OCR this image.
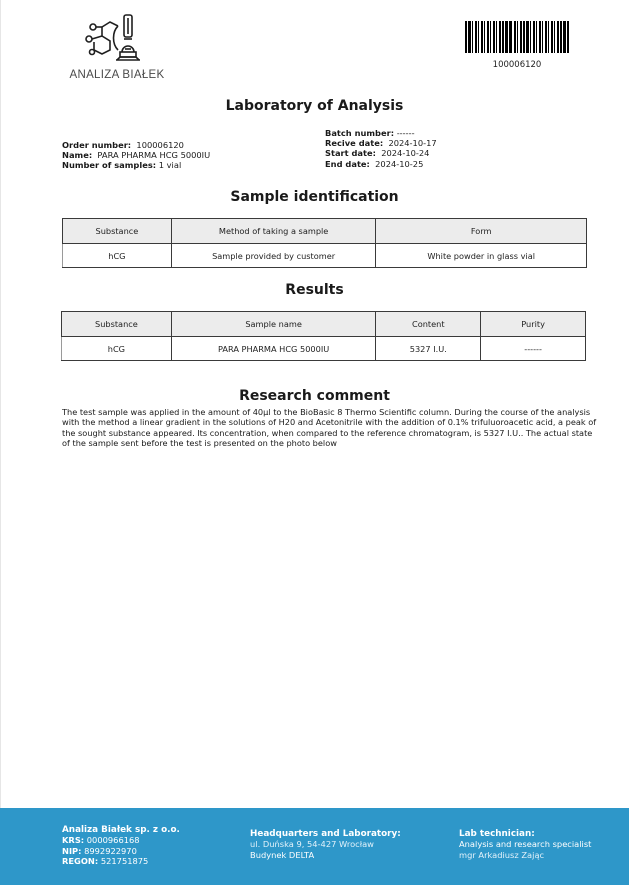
ANALIZA BIAŁEK
100006120
Laboratory of Analysis
Order number: 100006120
Name: PARA PHARMA HCG 5000IU
Number of samples: 1 vial
Batch number: ------
Recive date: 2024-10-17
Start date: 2024-10-24
End date: 2024-10-25
Sample identification
Substance	Method of taking a sample	Form
hCG	Sample provided by customer	White powder in glass vial
Results
Substance	Sample name	Content	Purity
hCG	PARA PHARMA HCG 5000IU	5327 I.U.	------
Research comment
The test sample was applied in the amount of 40µl to the BioBasic 8 Thermo Scientific column. During the course of the analysis with the method a linear gradient in the solutions of H20 and Acetonitrile with the addition of 0.1% trifuluoroacetic acid, a peak of the sought substance appeared. Its concentration, when compared to the reference chromatogram, is 5327 I.U.. The actual state of the sample sent before the test is presented on the photo below
Analiza Białek sp. z o.o.
KRS: 0000966168
NIP: 8992922970
REGON: 521751875
Headquarters and Laboratory:
ul. Duńska 9, 54-427 Wrocław
Budynek DELTA
Lab technician:
Analysis and research specialist
mgr Arkadiusz Zając
